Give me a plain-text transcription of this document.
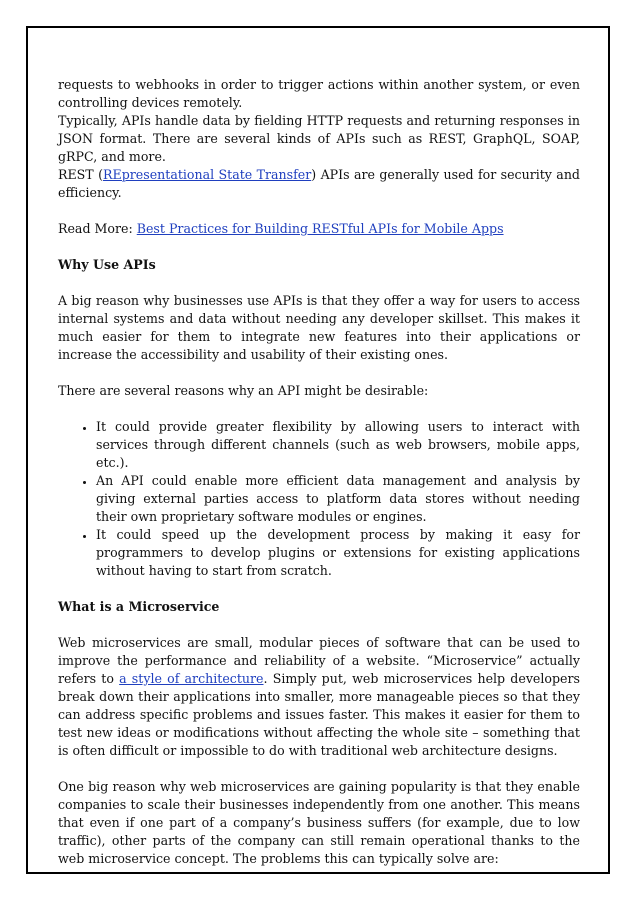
requests to webhooks in order to trigger actions within another system, or even controlling devices remotely.

Typically, APIs handle data by fielding HTTP requests and returning responses in JSON format. There are several kinds of APIs such as REST, GraphQL, SOAP, gRPC, and more.

REST (REpresentational State Transfer) APIs are generally used for security and efficiency.

Read More: Best Practices for Building RESTful APIs for Mobile Apps

Why Use APIs

A big reason why businesses use APIs is that they offer a way for users to access internal systems and data without needing any developer skillset. This makes it much easier for them to integrate new features into their applications or increase the accessibility and usability of their existing ones.

There are several reasons why an API might be desirable:

• It could provide greater flexibility by allowing users to interact with services through different channels (such as web browsers, mobile apps, etc.).
• An API could enable more efficient data management and analysis by giving external parties access to platform data stores without needing their own proprietary software modules or engines.
• It could speed up the development process by making it easy for programmers to develop plugins or extensions for existing applications without having to start from scratch.
What is a Microservice

Web microservices are small, modular pieces of software that can be used to improve the performance and reliability of a website. “Microservice” actually refers to a style of architecture. Simply put, web microservices help developers break down their applications into smaller, more manageable pieces so that they can address specific problems and issues faster. This makes it easier for them to test new ideas or modifications without affecting the whole site – something that is often difficult or impossible to do with traditional web architecture designs.

One big reason why web microservices are gaining popularity is that they enable companies to scale their businesses independently from one another. This means that even if one part of a company’s business suffers (for example, due to low traffic), other parts of the company can still remain operational thanks to the web microservice concept. The problems this can typically solve are:
